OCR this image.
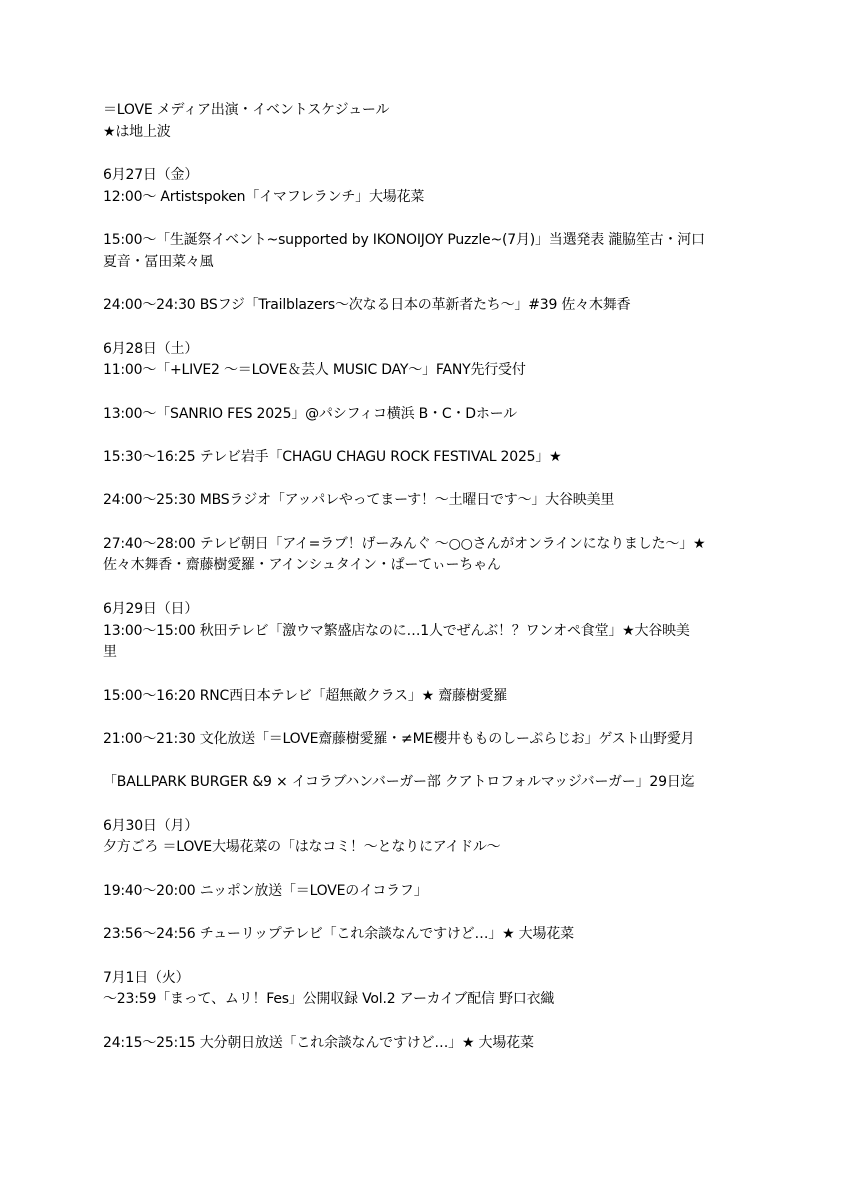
＝LOVE メディア出演・イベントスケジュール
★は地上波
6月27日（金）
12:00〜 Artistspoken「イマフレランチ」大場花菜
15:00〜「生誕祭イベント~supported by IKONOIJOY Puzzle~(7月)」当選発表 瀧脇笙古・河口
夏音・冨田菜々風
24:00〜24:30 BSフジ「Trailblazers〜次なる日本の革新者たち〜」#39 佐々木舞香
6月28日（土）
11:00〜「+LIVE2 〜＝LOVE＆芸人 MUSIC DAY〜」FANY先行受付
13:00〜「SANRIO FES 2025」@パシフィコ横浜 B・C・Dホール
15:30〜16:25 テレビ岩手「CHAGU CHAGU ROCK FESTIVAL 2025」★
24:00〜25:30 MBSラジオ「アッパレやってまーす！〜土曜日です〜」大谷映美里
27:40〜28:00 テレビ朝日「アイ=ラブ！げーみんぐ 〜○○さんがオンラインになりました〜」★
佐々木舞香・齋藤樹愛羅・アインシュタイン・ぱーてぃーちゃん
6月29日（日）
13:00〜15:00 秋田テレビ「激ウマ繁盛店なのに…1人でぜんぶ！？ワンオペ食堂」★大谷映美
里
15:00〜16:20 RNC西日本テレビ「超無敵クラス」★ 齋藤樹愛羅
21:00〜21:30 文化放送「＝LOVE齋藤樹愛羅・≠ME櫻井もものしーぷらじお」ゲスト山野愛月
「BALLPARK BURGER &9 × イコラブハンバーガー部 クアトロフォルマッジバーガー」29日迄
6月30日（月）
夕方ごろ ＝LOVE大場花菜の「はなコミ！〜となりにアイドル〜
19:40〜20:00 ニッポン放送「＝LOVEのイコラフ」
23:56〜24:56 チューリップテレビ「これ余談なんですけど…」★ 大場花菜
7月1日（火）
〜23:59「まって、ムリ！Fes」公開収録 Vol.2 アーカイブ配信 野口衣織
24:15〜25:15 大分朝日放送「これ余談なんですけど…」★ 大場花菜
